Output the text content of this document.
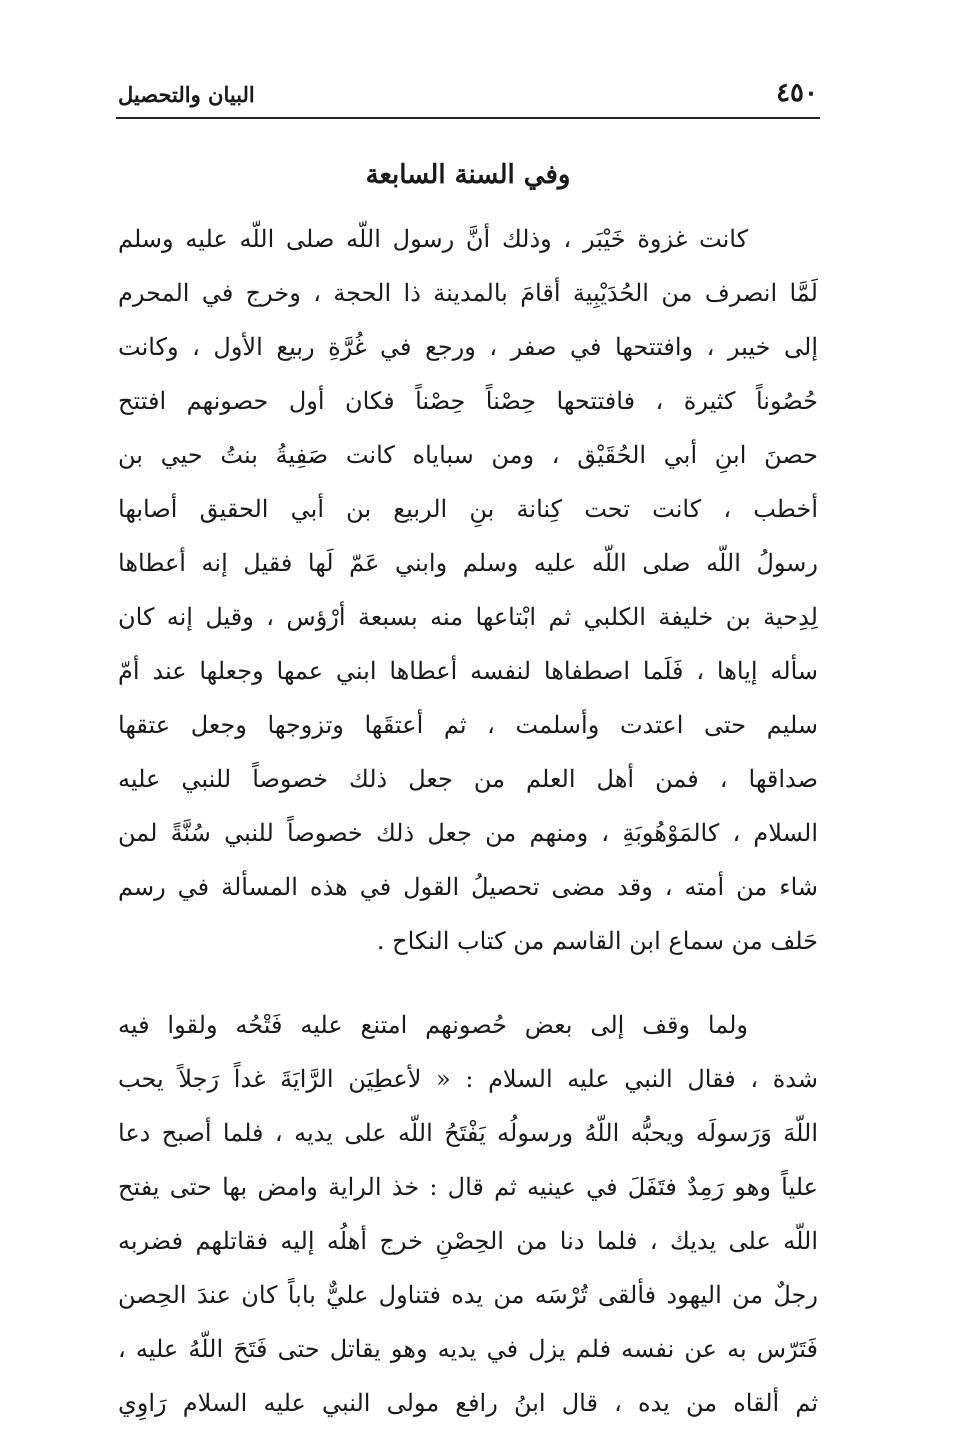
٤٥٠
البيان والتحصيل
وفي السنة السابعة
كانت غزوة خَيْبَر ، وذلك أنَّ رسول اللّه صلى اللّه عليه وسلم
لَمَّا انصرف من الحُدَيْبِية أقامَ بالمدينة ذا الحجة ، وخرج في المحرم
إلى خيبر ، وافتتحها في صفر ، ورجع في غُرَّةِ ربيع الأول ، وكانت
حُصُوناً كثيرة ، فافتتحها حِصْناً حِصْناً فكان أول حصونهم افتتح
حصنَ ابنِ أبي الحُقَيْق ، ومن سباياه كانت صَفِيةُ بنتُ حيي بن
أخطب ، كانت تحت كِنانة بنِ الربيع بن أبي الحقيق أصابها
رسولُ اللّه صلى اللّه عليه وسلم وابني عَمّ لَها فقيل إنه أعطاها
لِدِحية بن خليفة الكلبي ثم ابْتاعها منه بسبعة أرْؤس ، وقيل إنه كان
سأله إياها ، فَلَما اصطفاها لنفسه أعطاها ابني عمها وجعلها عند أمّ
سليم حتى اعتدت وأسلمت ، ثم أعتقَها وتزوجها وجعل عتقها
صداقها ، فمن أهل العلم من جعل ذلك خصوصاً للنبي عليه
السلام ، كالمَوْهُوبَةِ ، ومنهم من جعل ذلك خصوصاً للنبي سُنَّةً لمن
شاء من أمته ، وقد مضى تحصيلُ القول في هذه المسألة في رسم
حَلف من سماع ابن القاسم من كتاب النكاح .
ولما وقف إلى بعض حُصونهم امتنع عليه فَتْحُه ولقوا فيه
شدة ، فقال النبي عليه السلام : « لأعطِيَن الرَّايَةَ غداً رَجلاً يحب
اللّهَ وَرَسولَه ويحبُّه اللّهُ ورسولُه يَفْتَحُ اللّه على يديه ، فلما أصبح دعا
علياً وهو رَمِدٌ فتَفَلَ في عينيه ثم قال : خذ الراية وامض بها حتى يفتح
اللّه على يديك ، فلما دنا من الحِصْنِ خرج أهلُه إليه فقاتلهم فضربه
رجلٌ من اليهود فألقى تُرْسَه من يده فتناول عليٌّ باباً كان عندَ الحِصن
فَتَرّس به عن نفسه فلم يزل في يديه وهو يقاتل حتى فَتَحَ اللّهُ عليه ،
ثم ألقاه من يده ، قال ابنُ رافع مولى النبي عليه السلام رَاوِي
